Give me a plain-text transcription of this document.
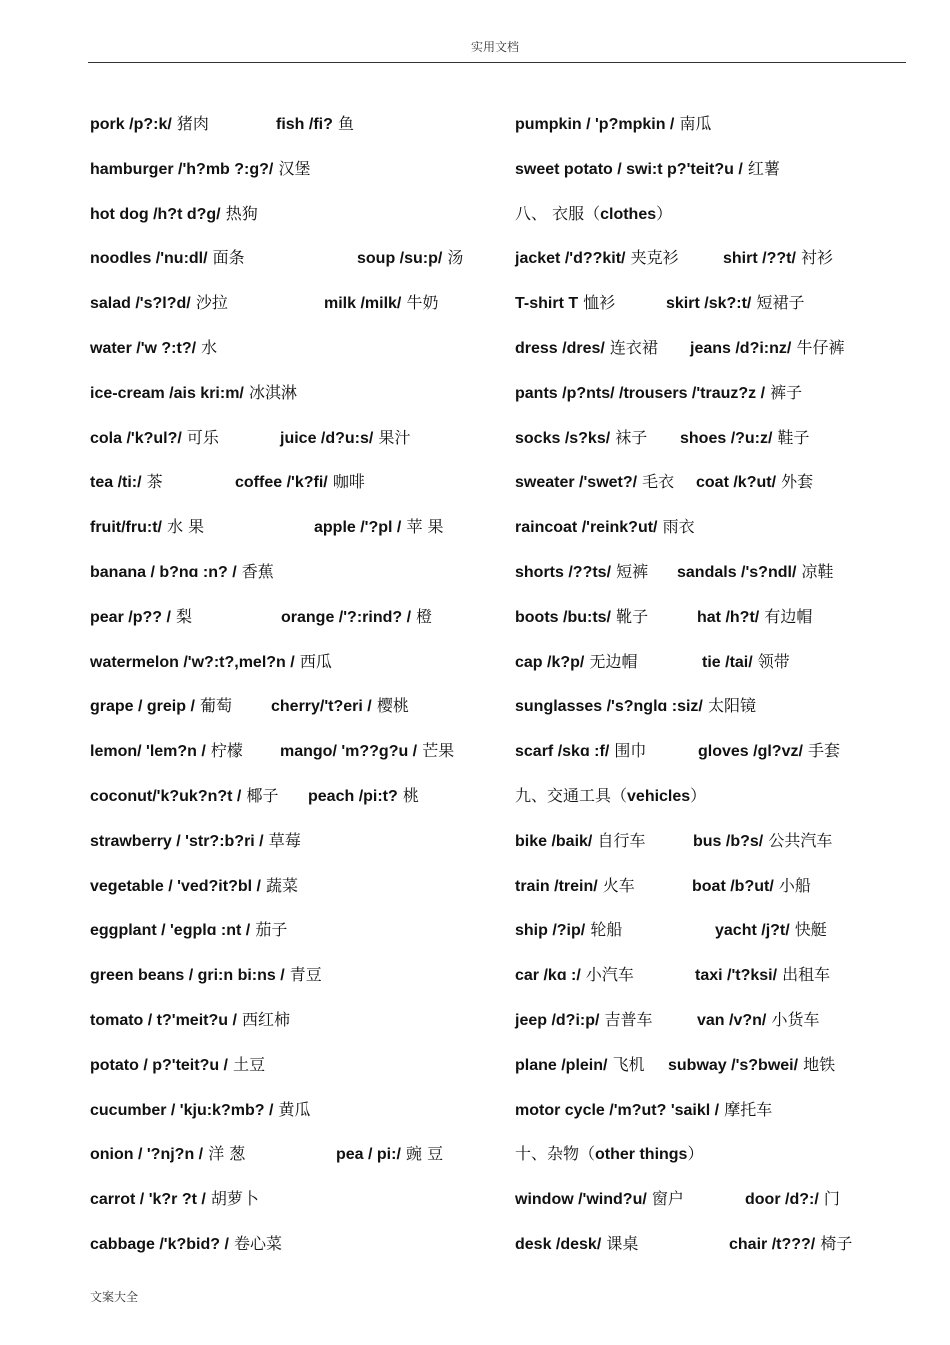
实用文档
pork /p?:k/ 猪肉	fish /fi? 鱼
hamburger /'h?mb ?:g?/ 汉堡
hot dog /h?t d?g/ 热狗
noodles /'nu:dl/ 面条	soup /su:p/ 汤
salad /'s?l?d/ 沙拉	milk /milk/ 牛奶
water /'w ?:t?/ 水
ice-cream /ais kri:m/ 冰淇淋
cola /'k?ul?/ 可乐	juice /d?u:s/ 果汁
tea /ti:/ 茶	coffee /'k?fi/ 咖啡
fruit/fru:t/ 水 果	apple /'?pl / 苹 果
banana / b?nɑ :n? / 香蕉
pear /p?? / 梨	orange /'?:rind? / 橙
watermelon /'w?:t?,mel?n / 西瓜
grape / greip / 葡萄 cherry/'t?eri / 樱桃
lemon/ 'lem?n / 柠檬 mango/ 'm??g?u / 芒果
coconut/'k?uk?n?t / 椰子 peach /pi:t? 桃
strawberry / 'str?:b?ri / 草莓
vegetable / 'ved?it?bl / 蔬菜
eggplant / 'egplɑ :nt / 茄子
green beans / gri:n bi:ns / 青豆
tomato / t?'meit?u / 西红柿
potato / p?'teit?u / 土豆
cucumber / 'kju:k?mb? / 黄瓜
onion / '?nj?n / 洋 葱	pea / pi:/ 豌 豆
carrot / 'k?r ?t / 胡萝卜
cabbage /'k?bid? / 卷心菜
pumpkin / 'p?mpkin / 南瓜
sweet potato / swi:t p?'teit?u / 红薯
八、 衣服（clothes）
jacket /'d??kit/ 夹克衫	shirt /??t/ 衬衫
T-shirt T 恤衫	skirt /sk?:t/ 短裙子
dress /dres/ 连衣裙 jeans /d?i:nz/ 牛仔裤
pants /p?nts/ /trousers /'trauz?z / 裤子
socks /s?ks/ 袜子 shoes /?u:z/ 鞋子
sweater /'swet?/ 毛衣 coat /k?ut/ 外套
raincoat /'reink?ut/ 雨衣
shorts /??ts/ 短裤 sandals /'s?ndl/ 凉鞋
boots /bu:ts/ 靴子	hat /h?t/ 有边帽
cap /k?p/ 无边帽	tie /tai/ 领带
sunglasses /'s?nglɑ :siz/ 太阳镜
scarf /skɑ :f/ 围巾	gloves /gl?vz/ 手套
九、交通工具（vehicles）
bike /baik/ 自行车	bus /b?s/ 公共汽车
train /trein/ 火车	boat /b?ut/ 小船
ship /?ip/ 轮船	yacht /j?t/ 快艇
car /kɑ :/ 小汽车	taxi /'t?ksi/ 出租车
jeep /d?i:p/ 吉普车	van /v?n/ 小货车
plane /plein/ 飞机 subway /'s?bwei/ 地铁
motor cycle /'m?ut? 'saikl / 摩托车
十、杂物（other things）
window /'wind?u/ 窗户	door /d?:/ 门
desk /desk/ 课桌	chair /t???/ 椅子
文案大全
